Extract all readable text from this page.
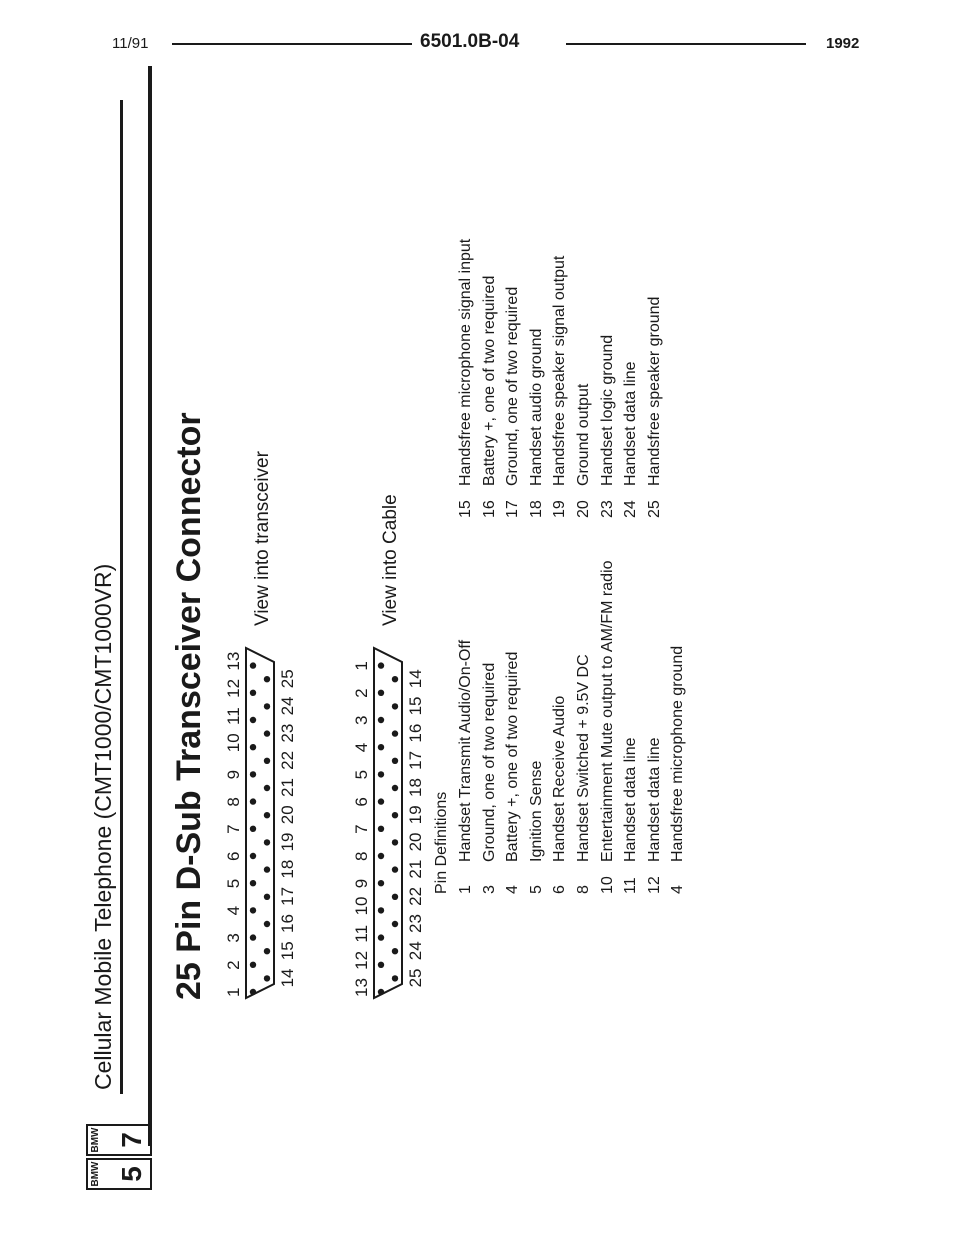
11/91	6501.0B-04	1992
BMW 5
BMW 7
Cellular Mobile Telephone (CMT1000/CMT1000VR) 25 Pin D-Sub Transceiver Connector 1
2
3
4
5
6
7
8
9
10
11
12
13
14
15
16
17
18
19
20
21
22
23
24
25
View into transceiver
13
12
11
10
9
8
7
6
5
4
3
2
1
25
24
23
22
21
20
19
18
17
16
15
14
View into Cable
Pin Definitions 1
Handset Transmit Audio/On-Off
3
Ground, one of two required
4
Battery +, one of two required
5
Ignition Sense
6
Handset Receive Audio
8
Handset Switched + 9.5V DC
10
Entertainment Mute output to AM/FM radio
11
Handset data line
12
Handset data line
4
Handsfree microphone ground
15
Handsfree microphone signal input
16
Battery +, one of two required
17
Ground, one of two required
18
Handset audio ground
19
Handsfree speaker signal output
20
Ground output
23
Handset logic ground
24
Handset data line
25
Handsfree speaker ground
